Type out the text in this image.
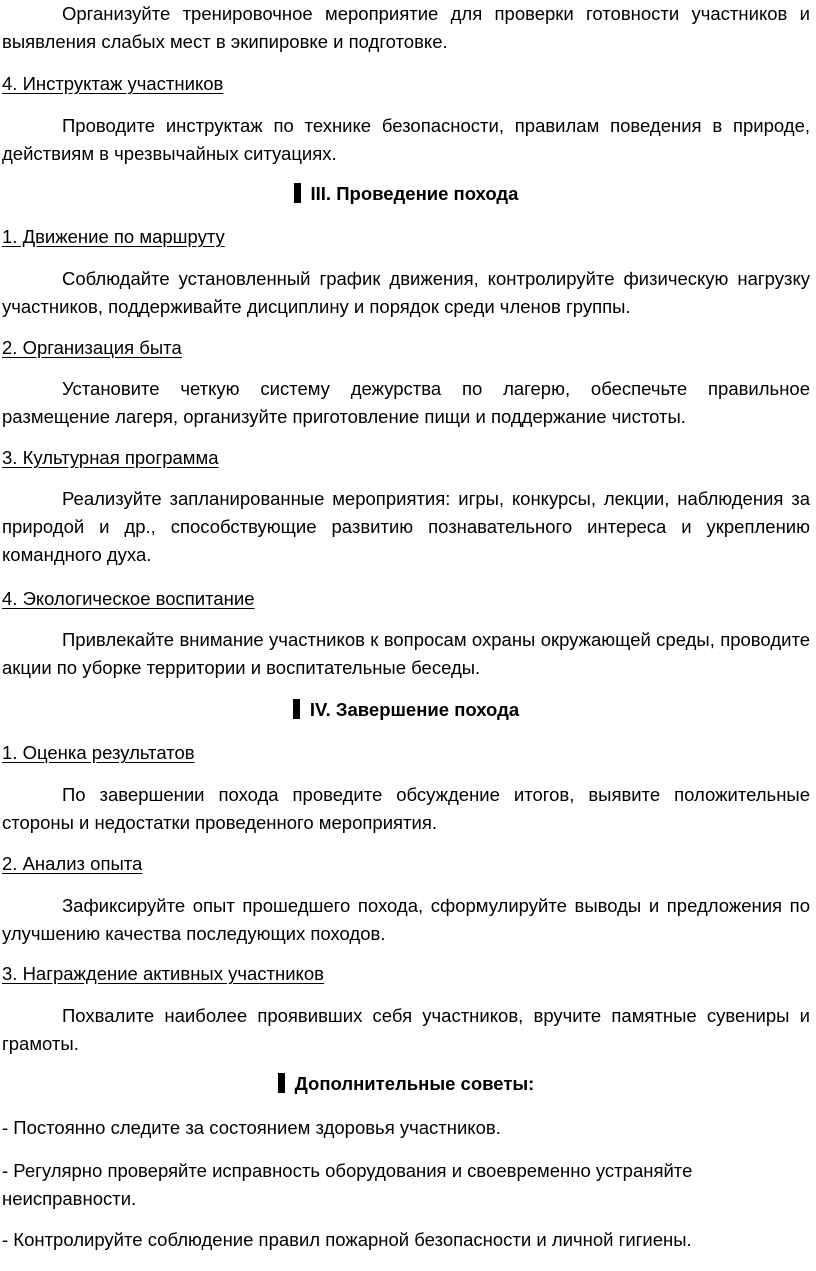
Организуйте тренировочное мероприятие для проверки готовности участников и выявления слабых мест в экипировке и подготовке.

4. Инструктаж участников

Проводите инструктаж по технике безопасности, правилам поведения в природе, действиям в чрезвычайных ситуациях.

III. Проведение похода

1. Движение по маршруту

Соблюдайте установленный график движения, контролируйте физическую нагрузку участников, поддерживайте дисциплину и порядок среди членов группы.

2. Организация быта

Установите четкую систему дежурства по лагерю, обеспечьте правильное размещение лагеря, организуйте приготовление пищи и поддержание чистоты.

3. Культурная программа

Реализуйте запланированные мероприятия: игры, конкурсы, лекции, наблюдения за природой и др., способствующие развитию познавательного интереса и укреплению командного духа.

4. Экологическое воспитание

Привлекайте внимание участников к вопросам охраны окружающей среды, проводите акции по уборке территории и воспитательные беседы.

IV. Завершение похода

1. Оценка результатов

По завершении похода проведите обсуждение итогов, выявите положительные стороны и недостатки проведенного мероприятия.

2. Анализ опыта

Зафиксируйте опыт прошедшего похода, сформулируйте выводы и предложения по улучшению качества последующих походов.

3. Награждение активных участников

Похвалите наиболее проявивших себя участников, вручите памятные сувениры и грамоты.

Дополнительные советы:

- Постоянно следите за состоянием здоровья участников.

- Регулярно проверяйте исправность оборудования и своевременно устраняйте неисправности.

- Контролируйте соблюдение правил пожарной безопасности и личной гигиены.
